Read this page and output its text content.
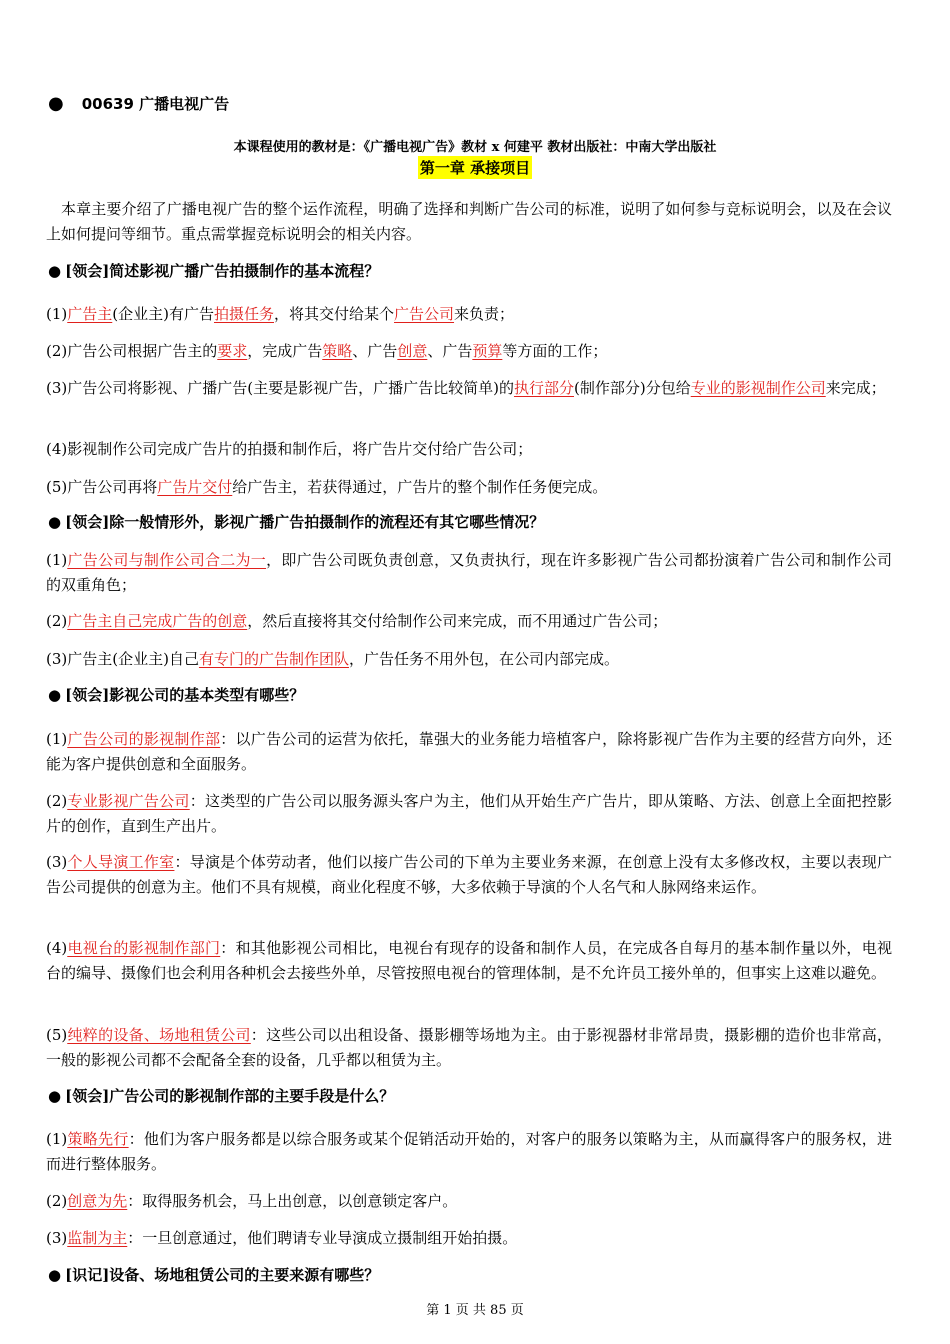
● 00639 广播电视广告
本课程使用的教材是：《广播电视广告》教材 x 何建平 教材出版社：中南大学出版社
第一章 承接项目
本章主要介绍了广播电视广告的整个运作流程，明确了选择和判断广告公司的标准，说明了如何参与竞标说明会，以及在会议上如何提问等细节。重点需掌握竞标说明会的相关内容。
● [领会]简述影视广播广告拍摄制作的基本流程？
(1)广告主(企业主)有广告拍摄任务，将其交付给某个广告公司来负责；
(2)广告公司根据广告主的要求，完成广告策略、广告创意、广告预算等方面的工作；
(3)广告公司将影视、广播广告(主要是影视广告，广播广告比较简单)的执行部分(制作部分)分包给专业的影视制作公司来完成；
(4)影视制作公司完成广告片的拍摄和制作后，将广告片交付给广告公司；
(5)广告公司再将广告片交付给广告主，若获得通过，广告片的整个制作任务便完成。
● [领会]除一般情形外，影视广播广告拍摄制作的流程还有其它哪些情况？
(1)广告公司与制作公司合二为一，即广告公司既负责创意，又负责执行，现在许多影视广告公司都扮演着广告公司和制作公司的双重角色；
(2)广告主自己完成广告的创意，然后直接将其交付给制作公司来完成，而不用通过广告公司；
(3)广告主(企业主)自己有专门的广告制作团队，广告任务不用外包，在公司内部完成。
● [领会]影视公司的基本类型有哪些？
(1)广告公司的影视制作部：以广告公司的运营为依托，靠强大的业务能力培植客户，除将影视广告作为主要的经营方向外，还能为客户提供创意和全面服务。
(2)专业影视广告公司：这类型的广告公司以服务源头客户为主，他们从开始生产广告片，即从策略、方法、创意上全面把控影片的创作，直到生产出片。
(3)个人导演工作室：导演是个体劳动者，他们以接广告公司的下单为主要业务来源，在创意上没有太多修改权，主要以表现广告公司提供的创意为主。他们不具有规模，商业化程度不够，大多依赖于导演的个人名气和人脉网络来运作。
(4)电视台的影视制作部门：和其他影视公司相比，电视台有现存的设备和制作人员，在完成各自每月的基本制作量以外，电视台的编导、摄像们也会利用各种机会去接些外单，尽管按照电视台的管理体制，是不允许员工接外单的，但事实上这难以避免。
(5)纯粹的设备、场地租赁公司：这些公司以出租设备、摄影棚等场地为主。由于影视器材非常昂贵，摄影棚的造价也非常高，一般的影视公司都不会配备全套的设备，几乎都以租赁为主。
● [领会]广告公司的影视制作部的主要手段是什么？
(1)策略先行：他们为客户服务都是以综合服务或某个促销活动开始的，对客户的服务以策略为主，从而赢得客户的服务权，进而进行整体服务。
(2)创意为先：取得服务机会，马上出创意，以创意锁定客户。
(3)监制为主：一旦创意通过，他们聘请专业导演成立摄制组开始拍摄。
● [识记]设备、场地租赁公司的主要来源有哪些？
第 1 页 共 85 页
